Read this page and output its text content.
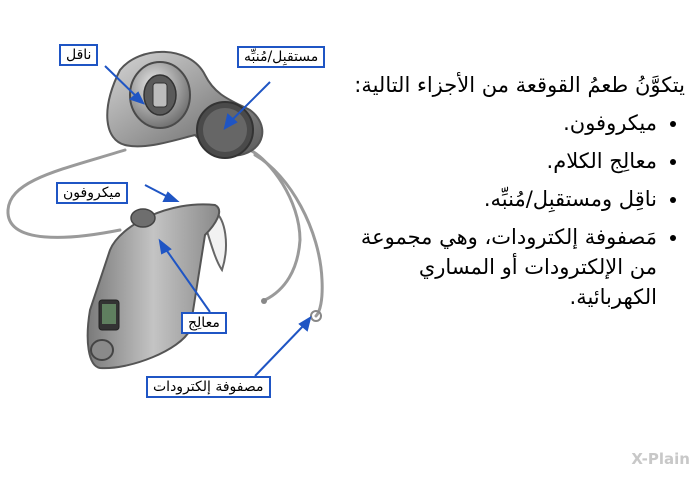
ناقل	مستقبِل/مُنبِّه
ميكروفون
معالِج
مصفوفة إلكترودات

يتكوَّنُ طعمُ القوقعة من الأجزاء التالية:

• ميكروفون.
• معالِج الكلام.
• ناقِل ومستقبِل/مُنبِّه.
• مَصفوفة إلكترودات، وهي مجموعة من الإلكترودات أو المساري الكهربائية.
X-Plain
